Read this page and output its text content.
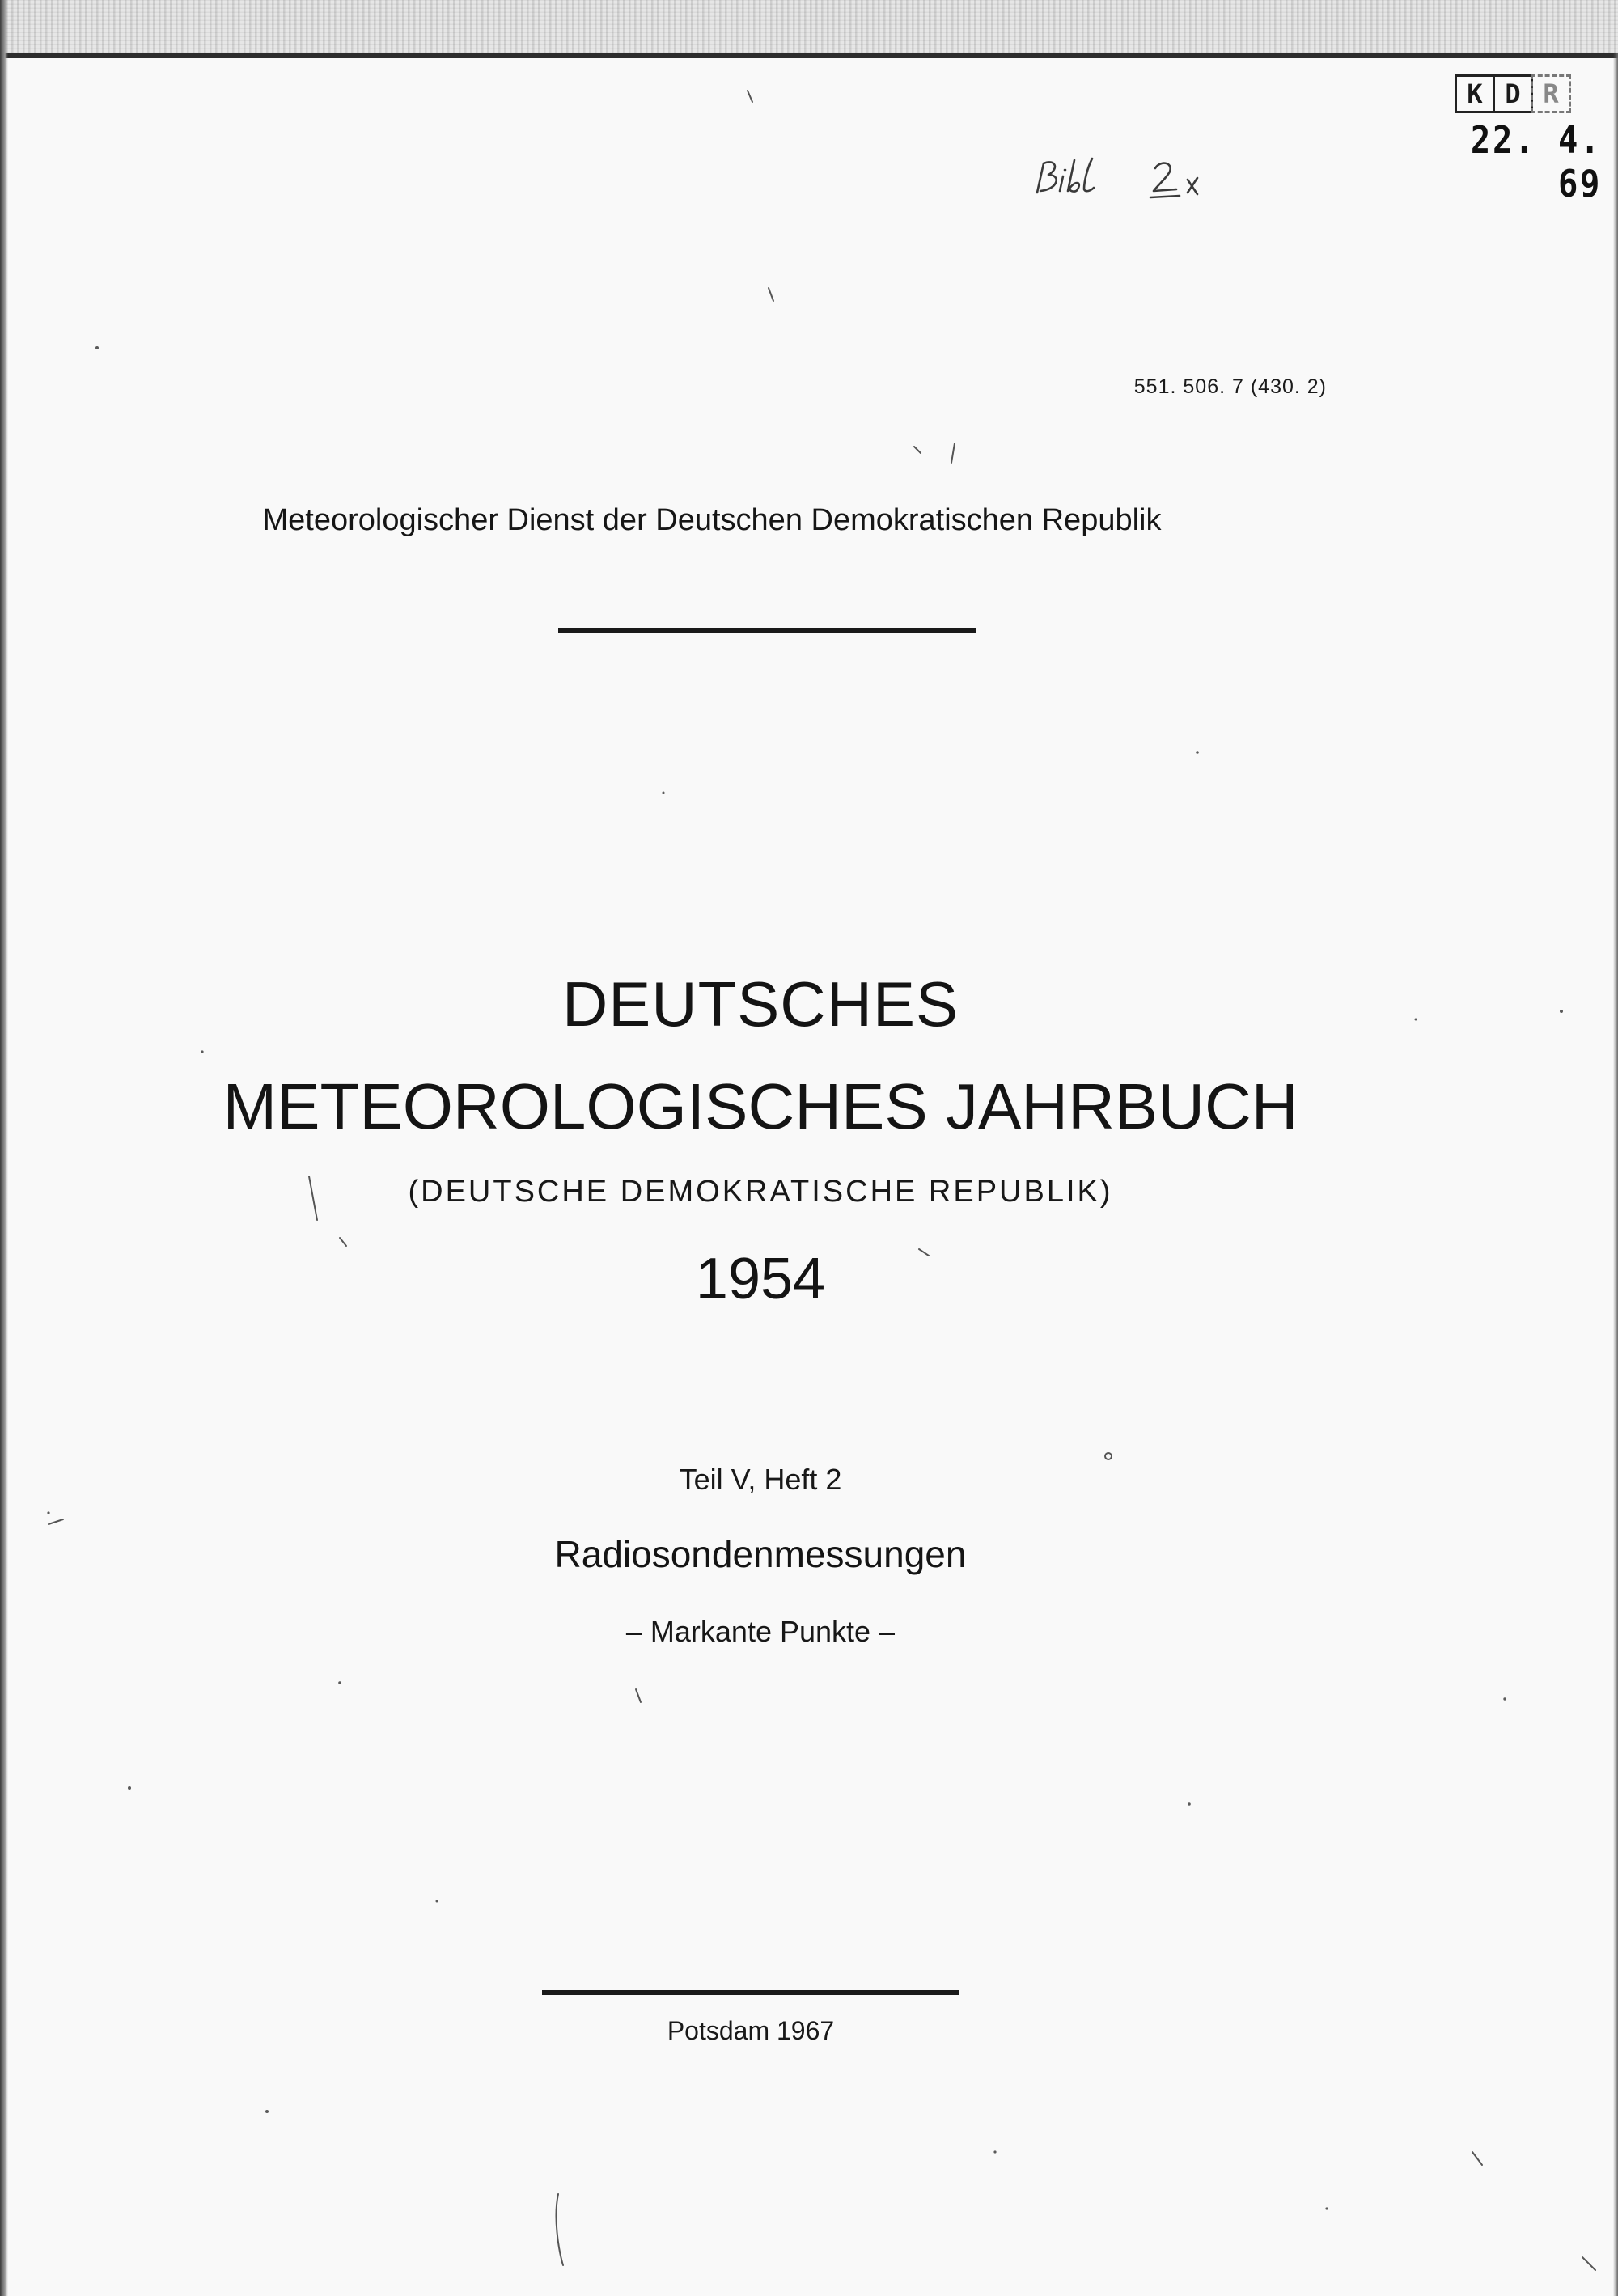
K D R
22. 4. 69
551. 506. 7 (430. 2)
Meteorologischer Dienst der Deutschen Demokratischen Republik
DEUTSCHES
METEOROLOGISCHES JAHRBUCH
(DEUTSCHE DEMOKRATISCHE REPUBLIK)
1954
Teil V, Heft 2
Radiosondenmessungen
– Markante Punkte –
Potsdam 1967
